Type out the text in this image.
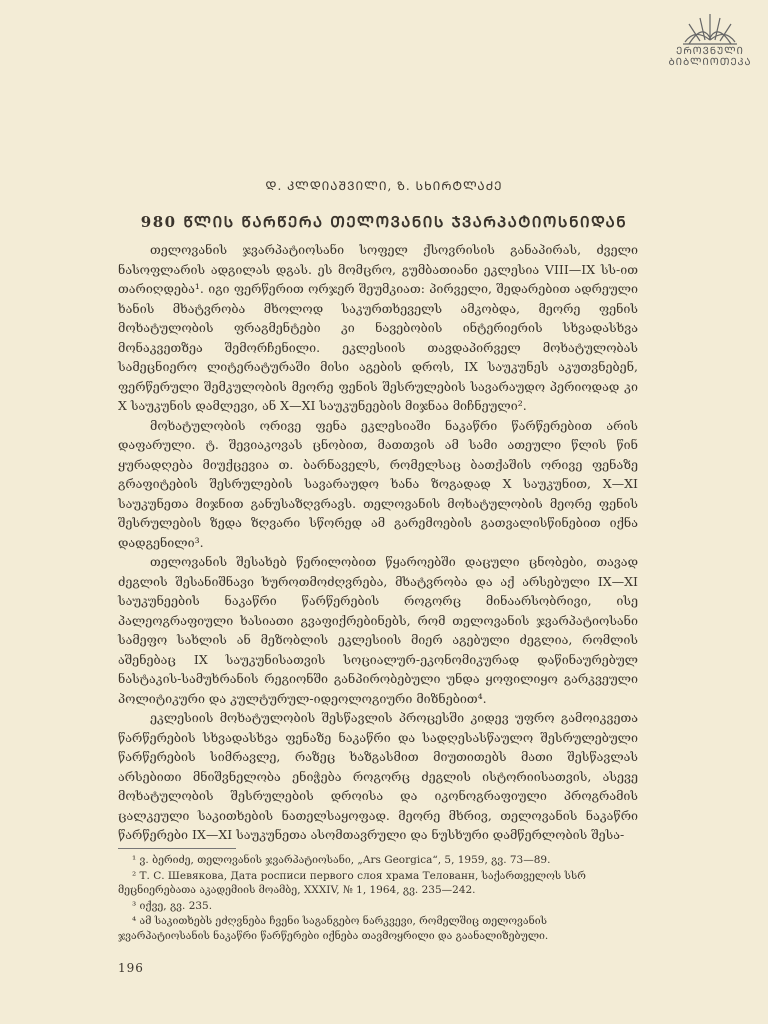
ᲔᲠᲝᲕᲜᲣᲚᲘ
ᲑᲘᲑᲚᲘᲝᲗᲔᲙᲐ
Დ. ᲙᲚᲓᲘᲐᲨᲕᲘᲚᲘ, Ზ. ᲡᲮᲘᲠᲢᲚᲐᲫᲔ
980 ᲬᲚᲘᲡ ᲬᲐᲠᲬᲔᲠᲐ ᲗᲔᲚᲝᲕᲐᲜᲘᲡ ᲯᲕᲐᲠᲞᲐᲢᲘᲝᲡᲜᲘᲓᲐᲜ

თელოვანის ჯვარპატიოსანი სოფელ ქსოვრისის განაპირას, ძველი ნასოფლარის ადგილას დგას. ეს მომცრო, გუმბათიანი ეკლესია VIII—IX სს-ით თარიღდება¹. იგი ფერწერით ორჯერ შეუმკიათ: პირველი, შედარებით ადრეული ხანის მხატვრობა მხოლოდ საკურთხეველს ამკობდა, მეორე ფენის მოხატულობის ფრაგმენტები კი ნავებობის ინტერიერის სხვადასხვა მონაკვეთზეა შემორჩენილი. ეკლესიის თავდაპირველ მოხატულობას სამეცნიერო ლიტერატურაში მისი აგების დროს, IX საუკუნეს აკუთვნებენ, ფერწერული შემკულობის მეორე ფენის შესრულების სავარაუდო პერიოდად კი X საუკუნის დამლევი, ან X—XI საუკუნეების მიჯნაა მიჩნეული².

მოხატულობის ორივე ფენა ეკლესიაში ნაკაწრი წარწერებით არის დაფარული. ტ. შევიაკოვას ცნობით, მათთვის ამ სამი ათეული წლის წინ ყურადღება მიუქცევია თ. ბარნაველს, რომელსაც ბათქაშის ორივე ფენაზე გრაფიტების შესრულების სავარაუდო ხანა ზოგადად X საუკუნით, X—XI საუკუნეთა მიჯნით განუსაზღვრავს. თელოვანის მოხატულობის მეორე ფენის შესრულების ზედა ზღვარი სწორედ ამ გარემოების გათვალისწინებით იქნა დადგენილი³.

თელოვანის შესახებ წერილობით წყაროებში დაცული ცნობები, თავად ძეგლის შესანიშნავი ხუროთმოძღვრება, მხატვრობა და აქ არსებული IX—XI საუკუნეების ნაკაწრი წარწერების როგორც მინაარსობრივი, ისე პალეოგრაფიული ხასიათი გვაფიქრებინებს, რომ თელოვანის ჯვარპატიოსანი სამეფო სახლის ან მეზობლის ეკლესიის მიერ აგებული ძეგლია, რომლის აშენებაც IX საუკუნისათვის სოციალურ-ეკონომიკურად დაწინაურებულ ნასტაკის-სამუხრანის რეგიონში განპირობებული უნდა ყოფილიყო გარკვეული პოლიტიკური და კულტურულ-იდეოლოგიური მიზნებით⁴.

ეკლესიის მოხატულობის შესწავლის პროცესში კიდევ უფრო გამოიკვეთა წარწერების სხვადასხვა ფენაზე ნაკაწრი და სადღესასწაულო შესრულებული წარწერების სიმრავლე, რაზეც ხაზგასმით მიუთითებს მათი შესწავლას არსებითი მნიშვნელობა ენიჭება როგორც ძეგლის ისტორიისათვის, ასევე მოხატულობის შესრულების დროისა და იკონოგრაფიული პროგრამის ცალკეული საკითხების ნათელსაყოფად. მეორე მხრივ, თელოვანის ნაკაწრი წარწერები IX—XI საუკუნეთა ასომთავრული და ნუსხური დამწერლობის შესა-

¹ ვ. ბერიძე, თელოვანის ჯვარპატიოსანი, „Ars Georgica“, 5, 1959, გვ. 73—89.
² Т. С. Шевякова, Дата росписи первого слоя храма Телованн, საქართველოს სსრ მეცნიერებათა აკადემიის მოამბე, XXXIV, № 1, 1964, გვ. 235—242.
³ იქვე, გვ. 235.
⁴ ამ საკითხებს ეძღვნება ჩვენი საგანგებო ნარკვევი, რომელშიც თელოვანის ჯვარპატიოსანის ნაკაწრი წარწერები იქნება თავმოყრილი და გაანალიზებული.
196
